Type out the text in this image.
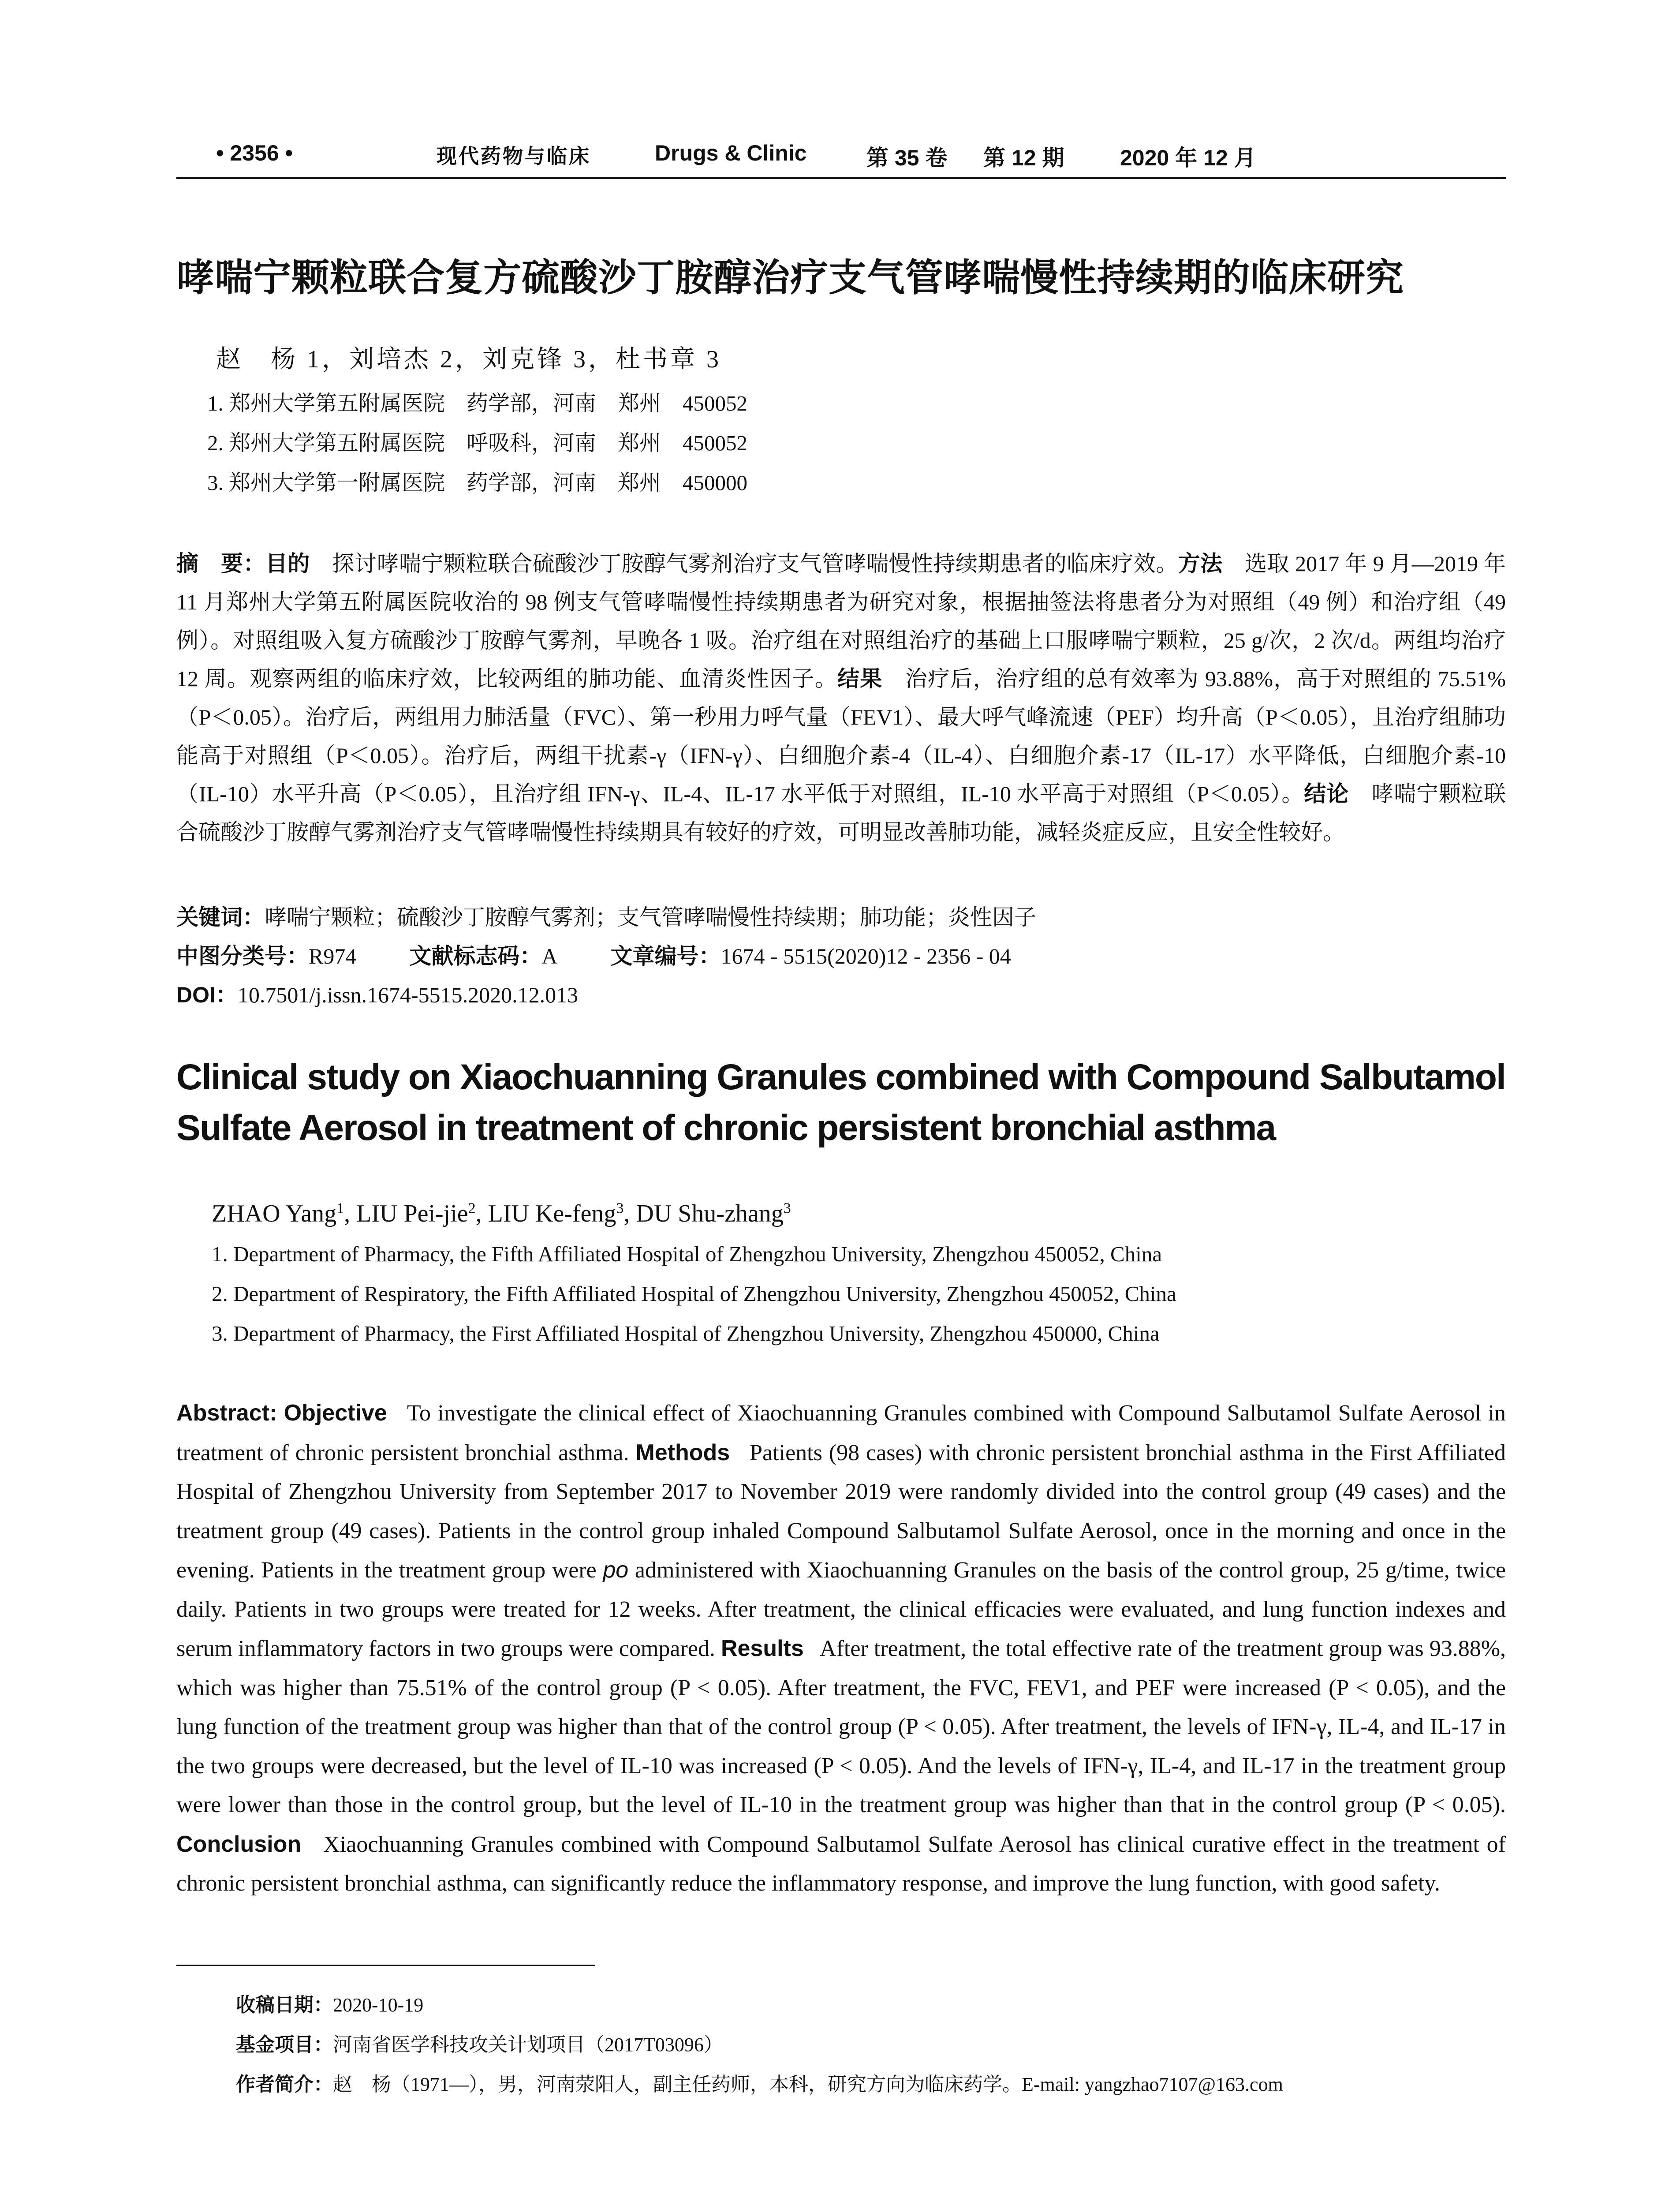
• 2356 •	现代药物与临床	Drugs & Clinic	第 35 卷 第 12 期	2020 年 12 月
哮喘宁颗粒联合复方硫酸沙丁胺醇治疗支气管哮喘慢性持续期的临床研究
赵　杨 1，刘培杰 2，刘克锋 3，杜书章 3
1. 郑州大学第五附属医院　药学部，河南　郑州　450052
2. 郑州大学第五附属医院　呼吸科，河南　郑州　450052
3. 郑州大学第一附属医院　药学部，河南　郑州　450000
摘　要：目的 探讨哮喘宁颗粒联合硫酸沙丁胺醇气雾剂治疗支气管哮喘慢性持续期患者的临床疗效。方法 选取 2017 年 9 月—2019 年 11 月郑州大学第五附属医院收治的 98 例支气管哮喘慢性持续期患者为研究对象，根据抽签法将患者分为对照组（49 例）和治疗组（49 例）。对照组吸入复方硫酸沙丁胺醇气雾剂，早晚各 1 吸。治疗组在对照组治疗的基础上口服哮喘宁颗粒，25 g/次，2 次/d。两组均治疗 12 周。观察两组的临床疗效，比较两组的肺功能、血清炎性因子。结果 治疗后，治疗组的总有效率为 93.88%，高于对照组的 75.51%（P＜0.05）。治疗后，两组用力肺活量（FVC）、第一秒用力呼气量（FEV1）、最大呼气峰流速（PEF）均升高（P＜0.05），且治疗组肺功能高于对照组（P＜0.05）。治疗后，两组干扰素-γ（IFN-γ）、白细胞介素-4（IL-4）、白细胞介素-17（IL-17）水平降低，白细胞介素-10（IL-10）水平升高（P＜0.05），且治疗组 IFN-γ、IL-4、IL-17 水平低于对照组，IL-10 水平高于对照组（P＜0.05）。结论 哮喘宁颗粒联合硫酸沙丁胺醇气雾剂治疗支气管哮喘慢性持续期具有较好的疗效，可明显改善肺功能，减轻炎症反应，且安全性较好。
关键词：哮喘宁颗粒；硫酸沙丁胺醇气雾剂；支气管哮喘慢性持续期；肺功能；炎性因子
中图分类号：R974 文献标志码：A 文章编号：1674 - 5515(2020)12 - 2356 - 04
DOI：10.7501/j.issn.1674-5515.2020.12.013
Clinical study on Xiaochuanning Granules combined with Compound Salbutamol Sulfate Aerosol in treatment of chronic persistent bronchial asthma
ZHAO Yang$^1$, LIU Pei-jie$^2$, LIU Ke-feng$^3$, DU Shu-zhang$^3$
1. Department of Pharmacy, the Fifth Affiliated Hospital of Zhengzhou University, Zhengzhou 450052, China
2. Department of Respiratory, the Fifth Affiliated Hospital of Zhengzhou University, Zhengzhou 450052, China
3. Department of Pharmacy, the First Affiliated Hospital of Zhengzhou University, Zhengzhou 450000, China
Abstract: Objective To investigate the clinical effect of Xiaochuanning Granules combined with Compound Salbutamol Sulfate Aerosol in treatment of chronic persistent bronchial asthma. Methods Patients (98 cases) with chronic persistent bronchial asthma in the First Affiliated Hospital of Zhengzhou University from September 2017 to November 2019 were randomly divided into the control group (49 cases) and the treatment group (49 cases). Patients in the control group inhaled Compound Salbutamol Sulfate Aerosol, once in the morning and once in the evening. Patients in the treatment group were po administered with Xiaochuanning Granules on the basis of the control group, 25 g/time, twice daily. Patients in two groups were treated for 12 weeks. After treatment, the clinical efficacies were evaluated, and lung function indexes and serum inflammatory factors in two groups were compared. Results After treatment, the total effective rate of the treatment group was 93.88%, which was higher than 75.51% of the control group (P < 0.05). After treatment, the FVC, FEV1, and PEF were increased (P < 0.05), and the lung function of the treatment group was higher than that of the control group (P < 0.05). After treatment, the levels of IFN-γ, IL-4, and IL-17 in the two groups were decreased, but the level of IL-10 was increased (P < 0.05). And the levels of IFN-γ, IL-4, and IL-17 in the treatment group were lower than those in the control group, but the level of IL-10 in the treatment group was higher than that in the control group (P < 0.05). Conclusion Xiaochuanning Granules combined with Compound Salbutamol Sulfate Aerosol has clinical curative effect in the treatment of chronic persistent bronchial asthma, can significantly reduce the inflammatory response, and improve the lung function, with good safety.
收稿日期：2020-10-19
基金项目：河南省医学科技攻关计划项目（2017T03096）
作者简介：赵　杨（1971—），男，河南荥阳人，副主任药师，本科，研究方向为临床药学。E-mail: yangzhao7107@163.com
